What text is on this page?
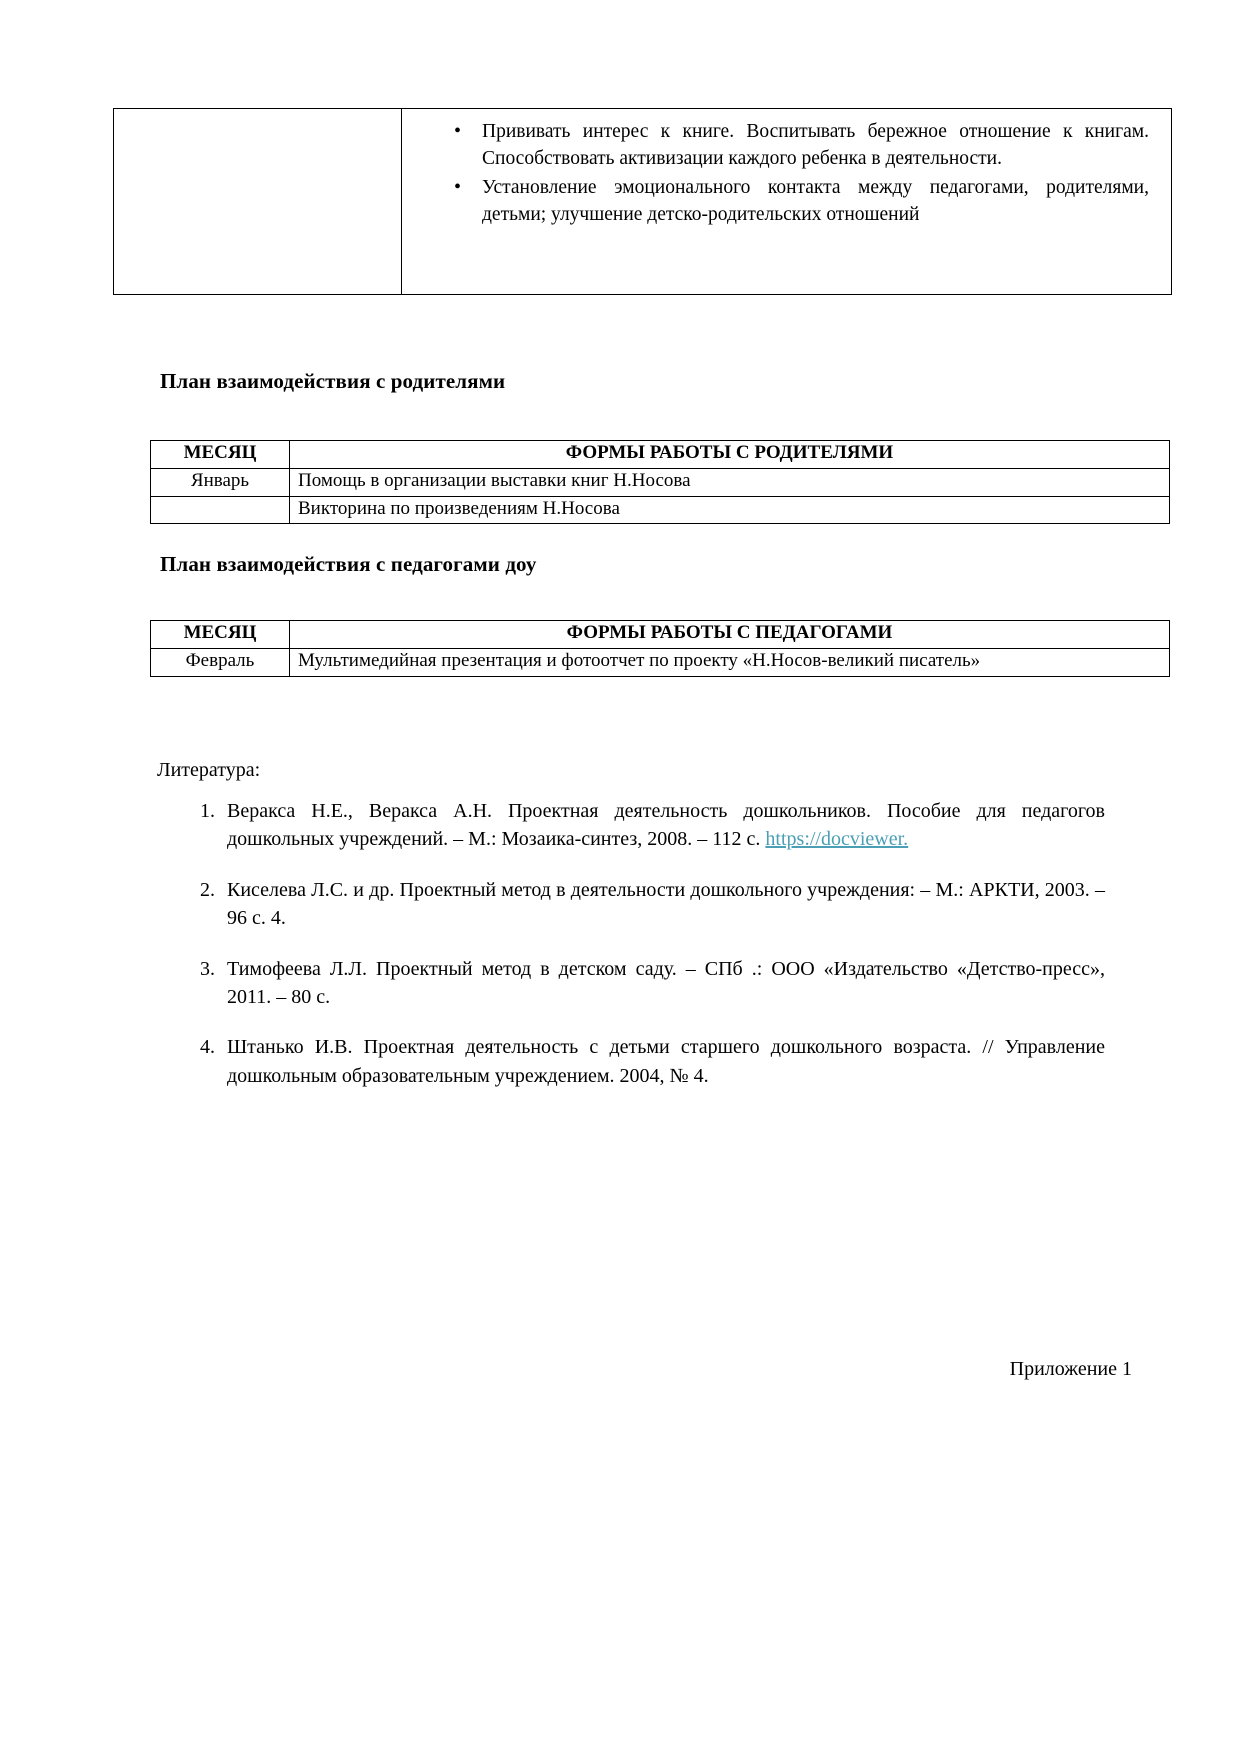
• Прививать интерес к книге. Воспитывать бережное отношение к книгам. Способствовать активизации каждого ребенка в деятельности.
• Установление эмоционального контакта между педагогами, родителями, детьми; улучшение детско-родительских отношений
План взаимодействия с родителями
МЕСЯЦ	ФОРМЫ РАБОТЫ С РОДИТЕЛЯМИ
Январь	Помощь в организации выставки книг Н.Носова
	Викторина по произведениям Н.Носова
План взаимодействия с педагогами доу
МЕСЯЦ	ФОРМЫ РАБОТЫ С ПЕДАГОГАМИ
Февраль	Мультимедийная презентация и фотоотчет по проекту «Н.Носов-великий писатель»
Литература:
Веракса Н.Е., Веракса А.Н. Проектная деятельность дошкольников. Пособие для педагогов дошкольных учреждений. – М.: Мозаика-синтез, 2008. – 112 с. https://docviewer.
Киселева Л.С. и др. Проектный метод в деятельности дошкольного учреждения: – М.: АРКТИ, 2003. – 96 с. 4.
Тимофеева Л.Л. Проектный метод в детском саду. – СПб .: ООО «Издательство «Детство-пресс», 2011. – 80 с.
Штанько И.В. Проектная деятельность с детьми старшего дошкольного возраста. // Управление дошкольным образовательным учреждением. 2004, № 4.
Приложение 1
